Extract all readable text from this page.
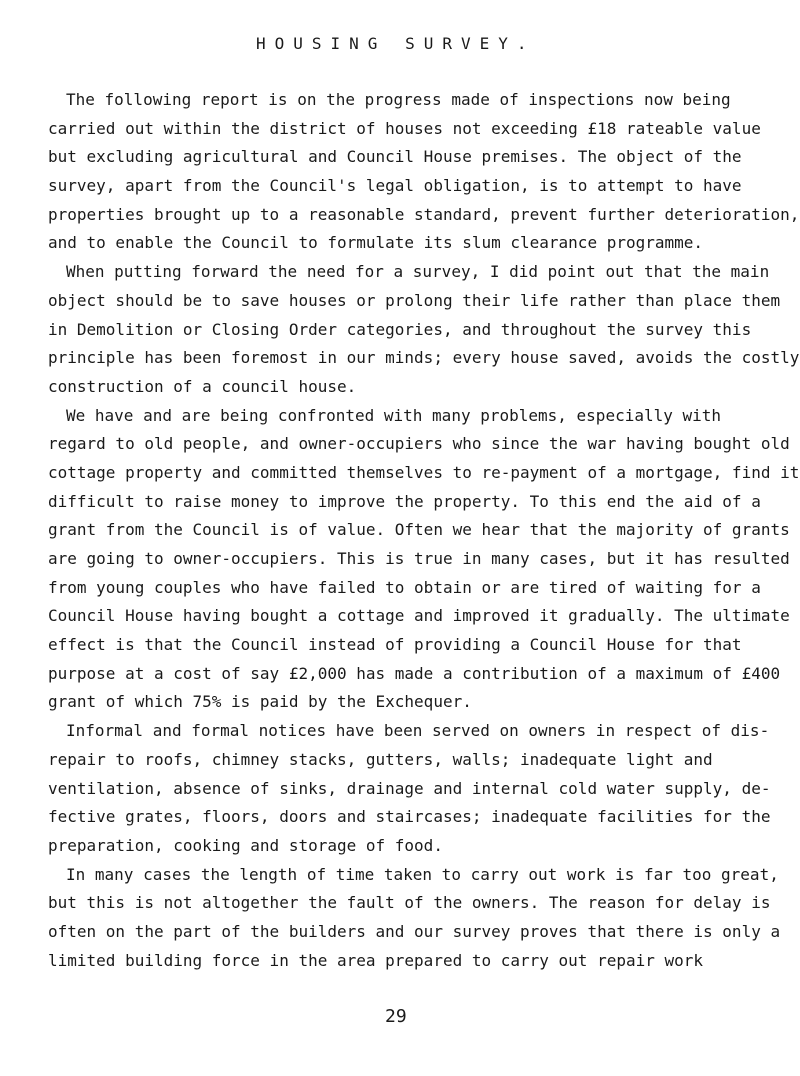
HOUSING SURVEY.
The following report is on the progress made of inspections now being
carried out within the district of houses not exceeding £18 rateable value
but excluding agricultural and Council House premises. The object of the
survey, apart from the Council's legal obligation, is to attempt to have
properties brought up to a reasonable standard, prevent further deterioration,
and to enable the Council to formulate its slum clearance programme.
When putting forward the need for a survey, I did point out that the main
object should be to save houses or prolong their life rather than place them
in Demolition or Closing Order categories, and throughout the survey this
principle has been foremost in our minds; every house saved, avoids the costly
construction of a council house.
We have and are being confronted with many problems, especially with
regard to old people, and owner-occupiers who since the war having bought old
cottage property and committed themselves to re-payment of a mortgage, find it
difficult to raise money to improve the property. To this end the aid of a
grant from the Council is of value. Often we hear that the majority of grants
are going to owner-occupiers. This is true in many cases, but it has resulted
from young couples who have failed to obtain or are tired of waiting for a
Council House having bought a cottage and improved it gradually. The ultimate
effect is that the Council instead of providing a Council House for that
purpose at a cost of say £2,000 has made a contribution of a maximum of £400
grant of which 75% is paid by the Exchequer.
Informal and formal notices have been served on owners in respect of dis-
repair to roofs, chimney stacks, gutters, walls; inadequate light and
ventilation, absence of sinks, drainage and internal cold water supply, de-
fective grates, floors, doors and staircases; inadequate facilities for the
preparation, cooking and storage of food.
In many cases the length of time taken to carry out work is far too great,
but this is not altogether the fault of the owners. The reason for delay is
often on the part of the builders and our survey proves that there is only a
limited building force in the area prepared to carry out repair work
29
